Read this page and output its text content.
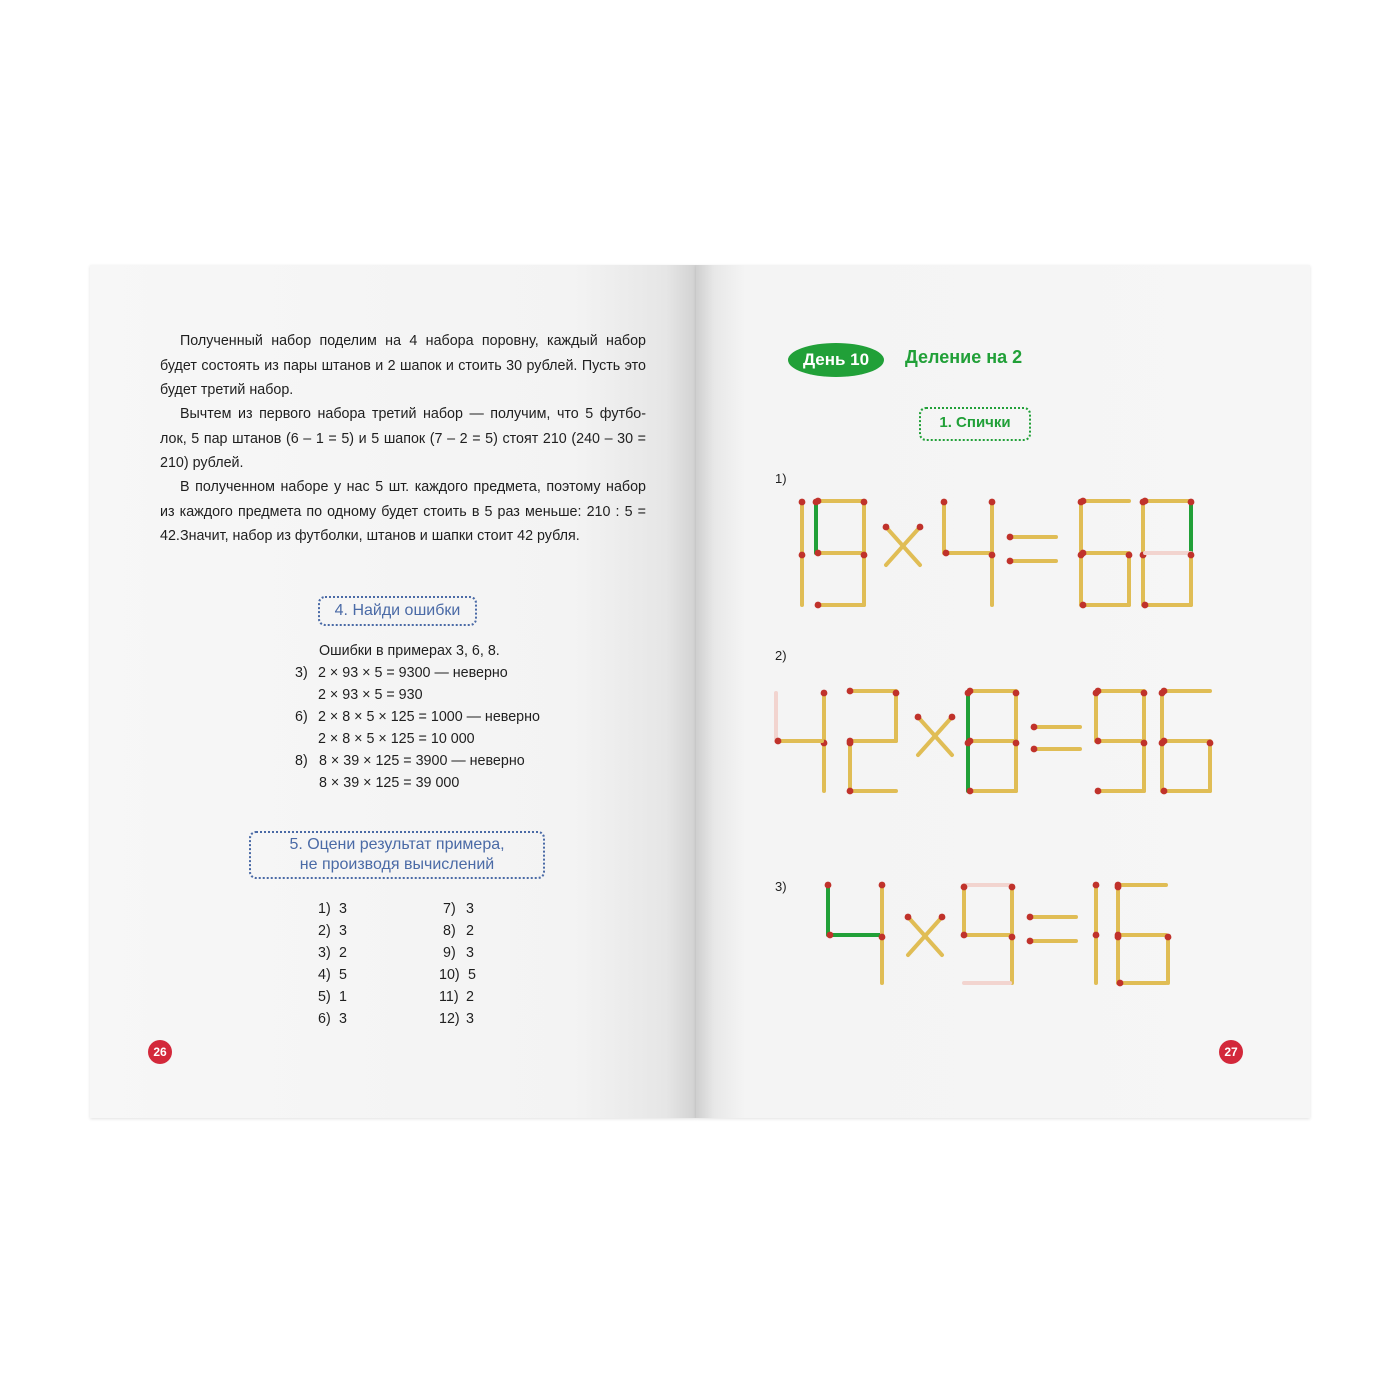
Полученный набор поделим на 4 набора поровну, каждый набор будет состоять из пары штанов и 2 шапок и стоить 30 рублей. Пусть это будет третий набор.

Вычтем из первого набора третий набор — получим, что 5 футбо-лок, 5 пар штанов (6 – 1 = 5) и 5 шапок (7 – 2 = 5) стоят 210 (240 – 30 = 210) рублей.

В полученном наборе у нас 5 шт. каждого предмета, поэтому набор из каждого предмета по одному будет стоить в 5 раз меньше: 210 : 5 = 42. Значит, набор из футболки, штанов и шапки стоит 42 рубля.

4. Найди ошибки
Ошибки в примерах 3, 6, 8.
3) 2 × 93 × 5 = 9300 — неверно
2 × 93 × 5 = 930
6) 2 × 8 × 5 × 125 = 1000 — неверно
2 × 8 × 5 × 125 = 10 000
8) 8 × 39 × 125 = 3900 — неверно
8 × 39 × 125 = 39 000
5. Оцени результат примера,
не производя вычислений
1) 3
2) 3
3) 2
4) 5
5) 1
6) 3
7) 3
8) 2
9) 3
10) 5
11) 2
12) 3
26
День 10	Деление на 2
1. Спички
1)
2)
3)
27
